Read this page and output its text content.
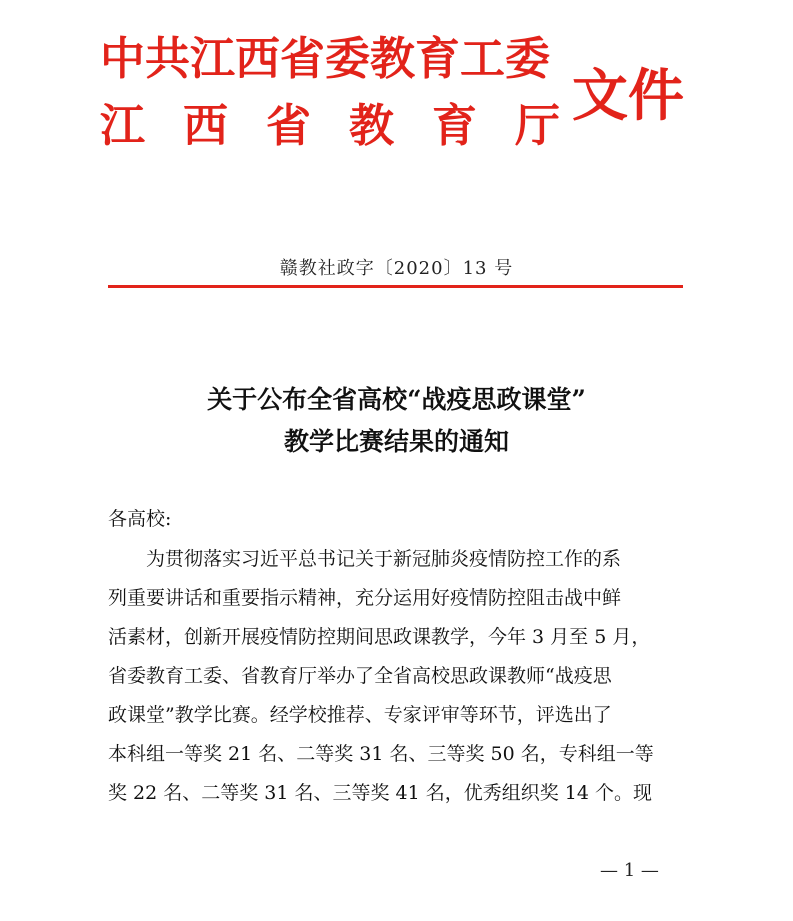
中共江西省委教育工委
江西省教育厅
文件
赣教社政字〔2020〕13 号
关于公布全省高校“战疫思政课堂”
教学比赛结果的通知
各高校:
为贯彻落实习近平总书记关于新冠肺炎疫情防控工作的系
列重要讲话和重要指示精神，充分运用好疫情防控阻击战中鲜
活素材，创新开展疫情防控期间思政课教学，今年 3 月至 5 月，
省委教育工委、省教育厅举办了全省高校思政课教师“战疫思
政课堂”教学比赛。经学校推荐、专家评审等环节，评选出了
本科组一等奖 21 名、二等奖 31 名、三等奖 50 名，专科组一等
奖 22 名、二等奖 31 名、三等奖 41 名，优秀组织奖 14 个。现
— 1 —
